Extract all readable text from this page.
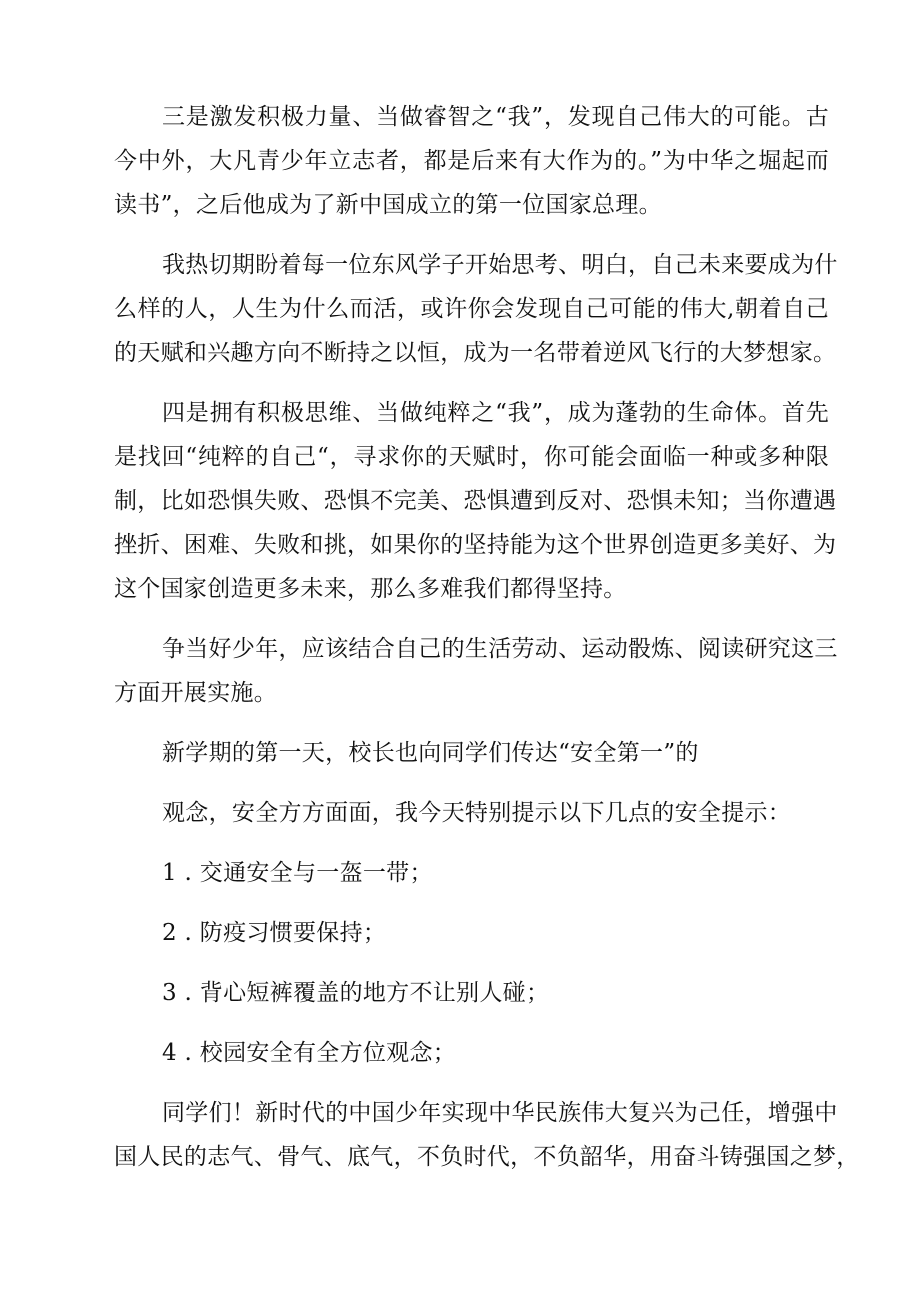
三是激发积极力量、当做睿智之“我”，发现自己伟大的可能。古
今中外，大凡青少年立志者，都是后来有大作为的。”为中华之堀起而
读书”，之后他成为了新中国成立的第一位国家总理。
我热切期盼着每一位东风学子开始思考、明白，自己未来要成为什
么样的人，人生为什么而活，或许你会发现自己可能的伟大,朝着自己
的天赋和兴趣方向不断持之以恒，成为一名带着逆风飞行的大梦想家。
四是拥有积极思维、当做纯粹之“我”，成为蓬勃的生命体。首先
是找回“纯粹的自己“，寻求你的天赋时，你可能会面临一种或多种限
制，比如恐惧失败、恐惧不完美、恐惧遭到反对、恐惧未知；当你遭遇
挫折、困难、失败和挑，如果你的坚持能为这个世界创造更多美好、为
这个国家创造更多未来，那么多难我们都得坚持。
争当好少年，应该结合自己的生活劳动、运动骰炼、阅读研究这三
方面开展实施。
新学期的第一天，校长也向同学们传达“安全第一”的
观念，安全方方面面，我今天特别提示以下几点的安全提示：
1 . 交通安全与一盔一带；
2 . 防疫习惯要保持；
3 . 背心短裤覆盖的地方不让别人碰；
4 . 校园安全有全方位观念；
同学们！新时代的中国少年实现中华民族伟大复兴为己任，增强中
国人民的志气、骨气、底气，不负时代，不负韶华，用奋斗铸强国之梦，
